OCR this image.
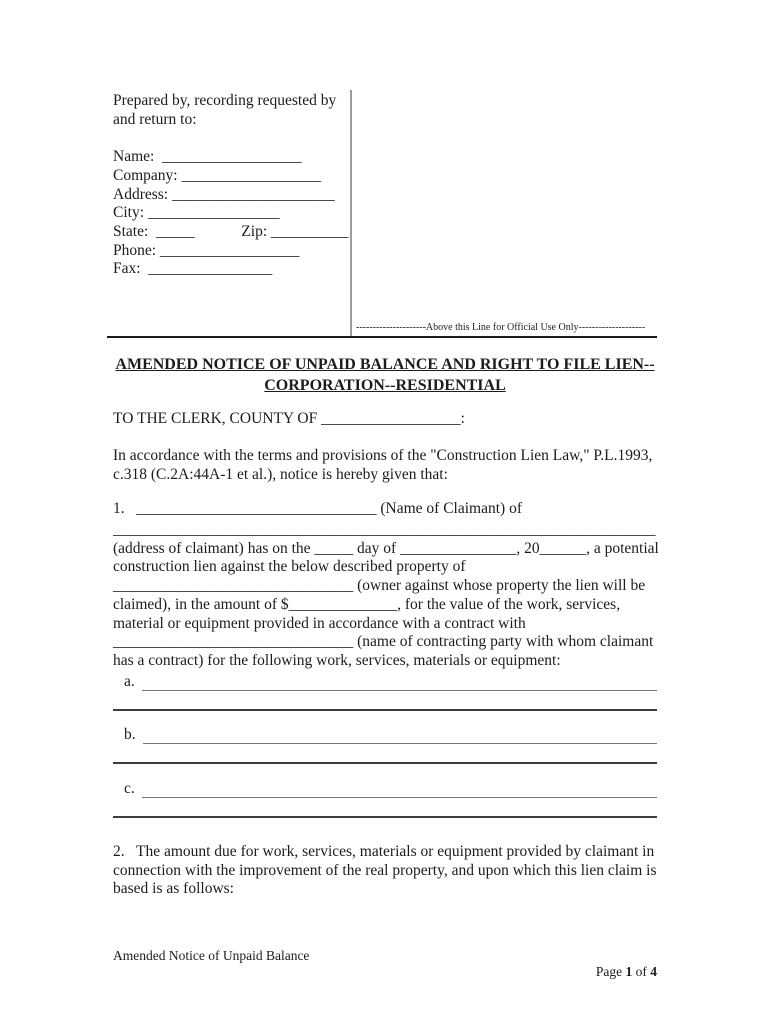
Prepared by, recording requested by
and return to:
Name:  __________________
Company: __________________
Address: _____________________
City: _________________
State:  _____            Zip: __________
Phone: __________________
Fax:  ________________
---------------------Above this Line for Official Use Only--------------------
AMENDED NOTICE OF UNPAID BALANCE AND RIGHT TO FILE LIEN--
CORPORATION--RESIDENTIAL
TO THE CLERK, COUNTY OF __________________:
In accordance with the terms and provisions of the "Construction Lien Law," P.L.1993,
c.318 (C.2A:44A-1 et al.), notice is hereby given that:
1.   _______________________________ (Name of Claimant) of
______________________________________________________________________
(address of claimant) has on the _____ day of _______________, 20______, a potential
construction lien against the below described property of
_______________________________ (owner against whose property the lien will be
claimed), in the amount of $______________, for the value of the work, services,
material or equipment provided in accordance with a contract with
_______________________________ (name of contracting party with whom claimant
has a contract) for the following work, services, materials or equipment:
a.
b.
c.
2.   The amount due for work, services, materials or equipment provided by claimant in
connection with the improvement of the real property, and upon which this lien claim is
based is as follows:
Amended Notice of Unpaid Balance

Page 1 of 4
